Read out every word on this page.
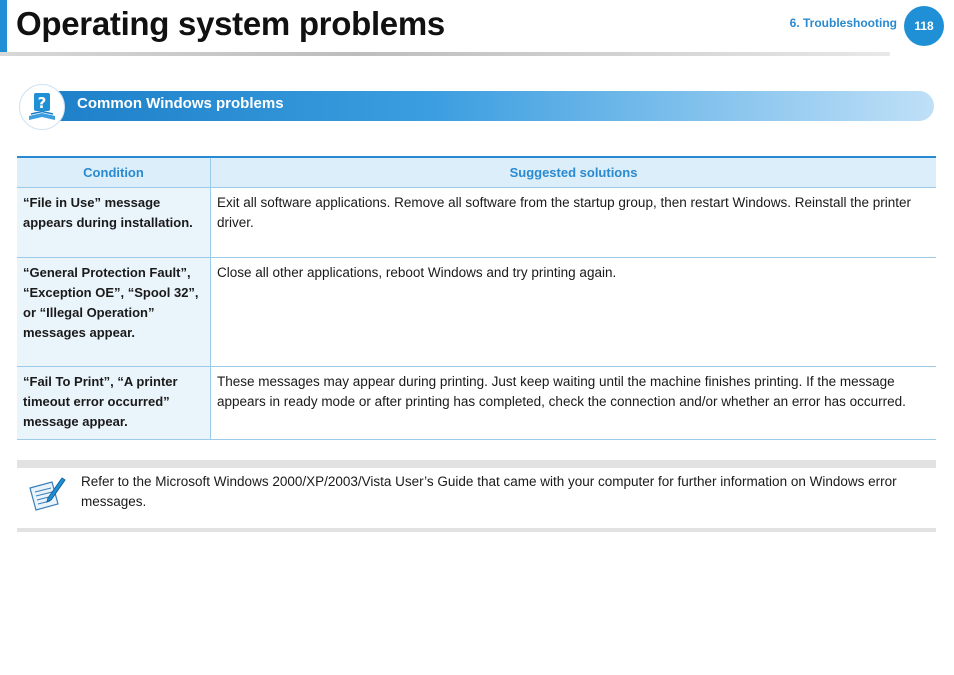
Operating system problems	6. Troubleshooting 118
? Common Windows problems
Condition	Suggested solutions
“File in Use” message appears during installation.	Exit all software applications. Remove all software from the startup group, then restart Windows. Reinstall the printer driver.
“General Protection Fault”, “Exception OE”, “Spool 32”, or “Illegal Operation” messages appear.	Close all other applications, reboot Windows and try printing again.
“Fail To Print”, “A printer timeout error occurred” message appear.	These messages may appear during printing. Just keep waiting until the machine finishes printing. If the message appears in ready mode or after printing has completed, check the connection and/or whether an error has occurred.
Refer to the Microsoft Windows 2000/XP/2003/Vista User’s Guide that came with your computer for further information on Windows error messages.
